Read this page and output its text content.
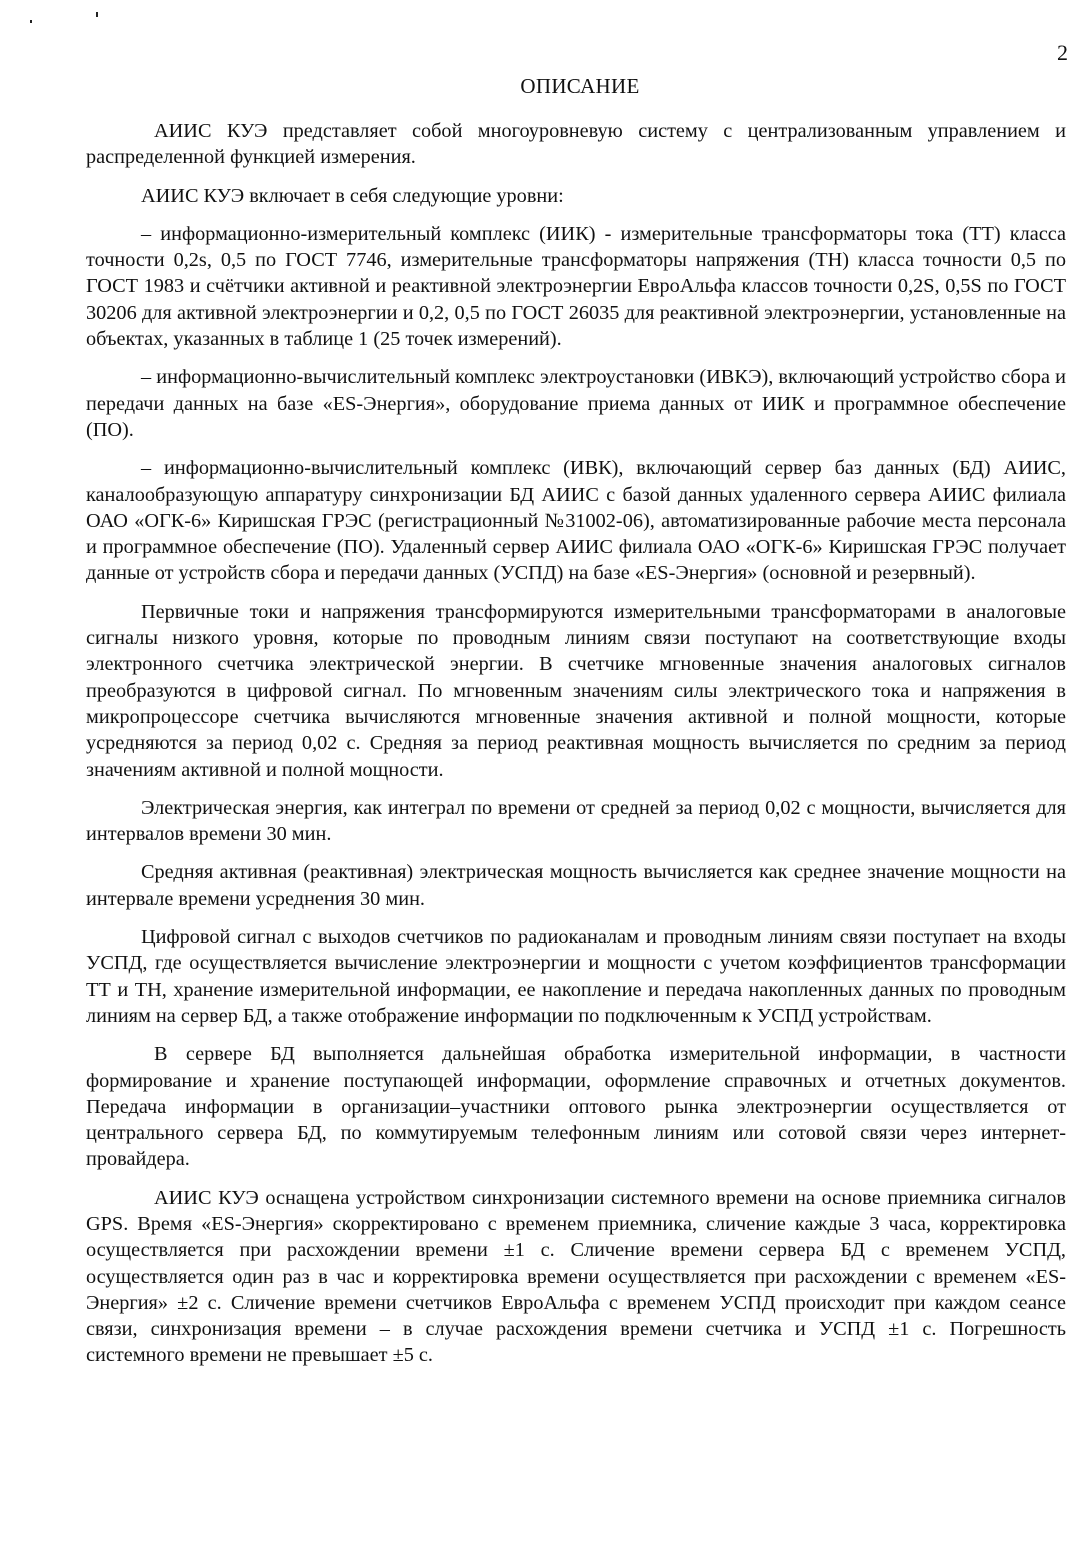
2
ОПИСАНИЕ

АИИС КУЭ представляет собой многоуровневую систему с централизованным управлением и распределенной функцией измерения.

АИИС КУЭ включает в себя следующие уровни:

– информационно-измерительный комплекс (ИИК) - измерительные трансформаторы тока (ТТ) класса точности 0,2s, 0,5 по ГОСТ 7746, измерительные трансформаторы напряжения (ТН) класса точности 0,5 по ГОСТ 1983 и счётчики активной и реактивной электроэнергии ЕвроАльфа классов точности 0,2S, 0,5S по ГОСТ 30206 для активной электроэнергии и 0,2, 0,5 по ГОСТ 26035 для реактивной электроэнергии, установленные на объектах, указанных в таблице 1 (25 точек измерений).

– информационно-вычислительный комплекс электроустановки (ИВКЭ), включающий устройство сбора и передачи данных на базе «ES-Энергия», оборудование приема данных от ИИК и программное обеспечение (ПО).

– информационно-вычислительный комплекс (ИВК), включающий сервер баз данных (БД) АИИС, каналообразующую аппаратуру синхронизации БД АИИС с базой данных удаленного сервера АИИС филиала ОАО «ОГК-6» Киришская ГРЭС (регистрационный №31002-06), автоматизированные рабочие места персонала и программное обеспечение (ПО). Удаленный сервер АИИС филиала ОАО «ОГК-6» Киришская ГРЭС получает данные от устройств сбора и передачи данных (УСПД) на базе «ES-Энергия» (основной и резервный).

Первичные токи и напряжения трансформируются измерительными трансформаторами в аналоговые сигналы низкого уровня, которые по проводным линиям связи поступают на соответствующие входы электронного счетчика электрической энергии. В счетчике мгновенные значения аналоговых сигналов преобразуются в цифровой сигнал. По мгновенным значениям силы электрического тока и напряжения в микропроцессоре счетчика вычисляются мгновенные значения активной и полной мощности, которые усредняются за период 0,02 с. Средняя за период реактивная мощность вычисляется по средним за период значениям активной и полной мощности.

Электрическая энергия, как интеграл по времени от средней за период 0,02 с мощности, вычисляется для интервалов времени 30 мин.

Средняя активная (реактивная) электрическая мощность вычисляется как среднее значение мощности на интервале времени усреднения 30 мин.

Цифровой сигнал с выходов счетчиков по радиоканалам и проводным линиям связи поступает на входы УСПД, где осуществляется вычисление электроэнергии и мощности с учетом коэффициентов трансформации ТТ и ТН, хранение измерительной информации, ее накопление и передача накопленных данных по проводным линиям на сервер БД, а также отображение информации по подключенным к УСПД устройствам.

В сервере БД выполняется дальнейшая обработка измерительной информации, в частности формирование и хранение поступающей информации, оформление справочных и отчетных документов. Передача информации в организации–участники оптового рынка электроэнергии осуществляется от центрального сервера БД, по коммутируемым телефонным линиям или сотовой связи через интернет-провайдера.

АИИС КУЭ оснащена устройством синхронизации системного времени на основе приемника сигналов GPS. Время «ES-Энергия» скорректировано с временем приемника, сличение каждые 3 часа, корректировка осуществляется при расхождении времени ±1 с. Сличение времени сервера БД с временем УСПД, осуществляется один раз в час и корректировка времени осуществляется при расхождении с временем «ES-Энергия» ±2 с. Сличение времени счетчиков ЕвроАльфа с временем УСПД происходит при каждом сеансе связи, синхронизация времени – в случае расхождения времени счетчика и УСПД ±1 с. Погрешность системного времени не превышает ±5 с.
